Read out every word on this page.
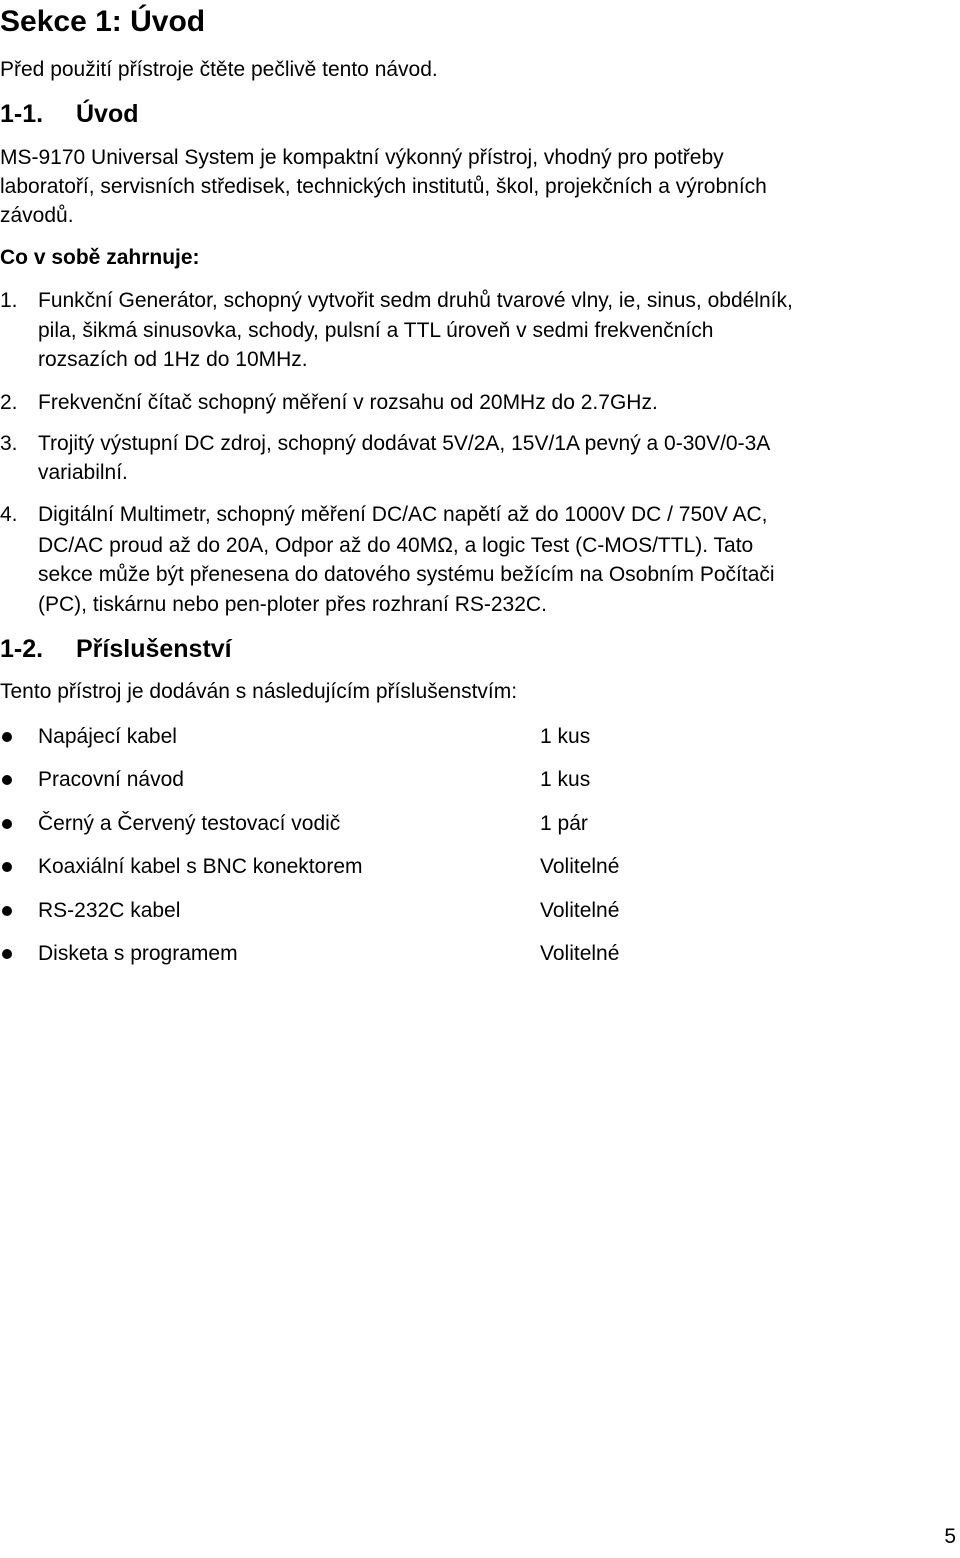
Sekce 1: Úvod
Před použití přístroje čtěte pečlivě tento návod.
1-1. Úvod
MS-9170 Universal System je kompaktní výkonný přístroj, vhodný pro potřeby
laboratoří, servisních středisek, technických institutů, škol, projekčních a výrobních
závodů.
Co v sobě zahrnuje:
1. Funkční Generátor, schopný vytvořit sedm druhů tvarové vlny, ie, sinus, obdélník,
pila, šikmá sinusovka, schody, pulsní a TTL úroveň v sedmi frekvenčních
rozsazích od 1Hz do 10MHz.
2. Frekvenční čítač schopný měření v rozsahu od 20MHz do 2.7GHz.
3. Trojitý výstupní DC zdroj, schopný dodávat 5V/2A, 15V/1A pevný a 0-30V/0-3A
variabilní.
4. Digitální Multimetr, schopný měření DC/AC napětí až do 1000V DC / 750V AC,
DC/AC proud až do 20A, Odpor až do 40MΩ, a logic Test (C-MOS/TTL). Tato
sekce může být přenesena do datového systému bežícím na Osobním Počítači
(PC), tiskárnu nebo pen-ploter přes rozhraní RS-232C.
1-2. Příslušenství
Tento přístroj je dodáván s následujícím příslušenstvím:
Napájecí kabel	1 kus
Pracovní návod	1 kus
Černý a Červený testovací vodič	1 pár
Koaxiální kabel s BNC konektorem	Volitelné
RS-232C kabel	Volitelné
Disketa s programem	Volitelné
5
